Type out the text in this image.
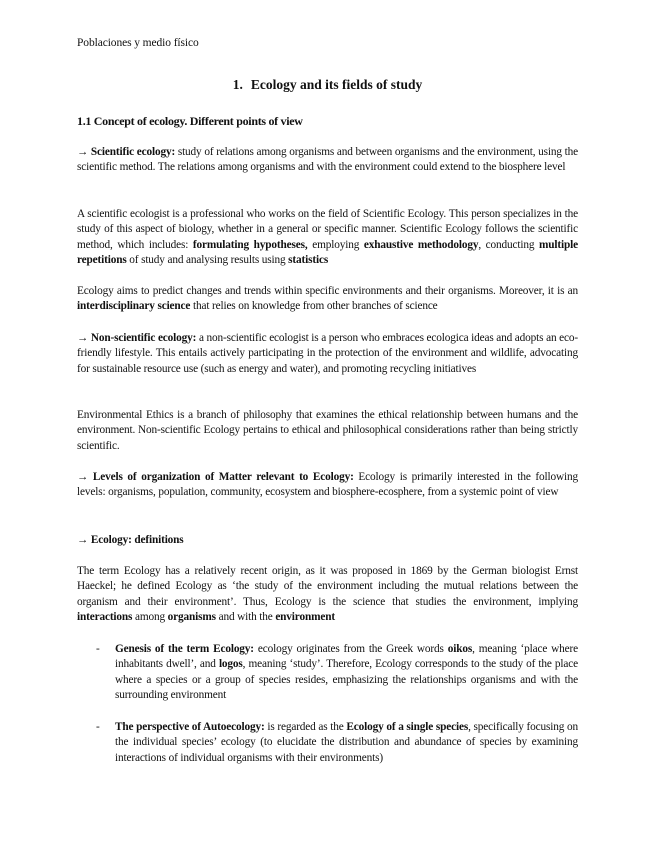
Poblaciones y medio físico
1. Ecology and its fields of study
1.1 Concept of ecology. Different points of view
→ Scientific ecology: study of relations among organisms and between organisms and the environment, using the scientific method. The relations among organisms and with the environment could extend to the biosphere level
A scientific ecologist is a professional who works on the field of Scientific Ecology. This person specializes in the study of this aspect of biology, whether in a general or specific manner. Scientific Ecology follows the scientific method, which includes: formulating hypotheses, employing exhaustive methodology, conducting multiple repetitions of study and analysing results using statistics
Ecology aims to predict changes and trends within specific environments and their organisms. Moreover, it is an interdisciplinary science that relies on knowledge from other branches of science
→ Non-scientific ecology: a non-scientific ecologist is a person who embraces ecologica ideas and adopts an eco-friendly lifestyle. This entails actively participating in the protection of the environment and wildlife, advocating for sustainable resource use (such as energy and water), and promoting recycling initiatives
Environmental Ethics is a branch of philosophy that examines the ethical relationship between humans and the environment. Non-scientific Ecology pertains to ethical and philosophical considerations rather than being strictly scientific.
→ Levels of organization of Matter relevant to Ecology: Ecology is primarily interested in the following levels: organisms, population, community, ecosystem and biosphere-ecosphere, from a systemic point of view
→ Ecology: definitions
The term Ecology has a relatively recent origin, as it was proposed in 1869 by the German biologist Ernst Haeckel; he defined Ecology as ‘the study of the environment including the mutual relations between the organism and their environment’. Thus, Ecology is the science that studies the environment, implying interactions among organisms and with the environment
- Genesis of the term Ecology: ecology originates from the Greek words oikos, meaning ‘place where inhabitants dwell’, and logos, meaning ‘study’. Therefore, Ecology corresponds to the study of the place where a species or a group of species resides, emphasizing the relationships organisms and with the surrounding environment
- The perspective of Autoecology: is regarded as the Ecology of a single species, specifically focusing on the individual species’ ecology (to elucidate the distribution and abundance of species by examining interactions of individual organisms with their environments)
